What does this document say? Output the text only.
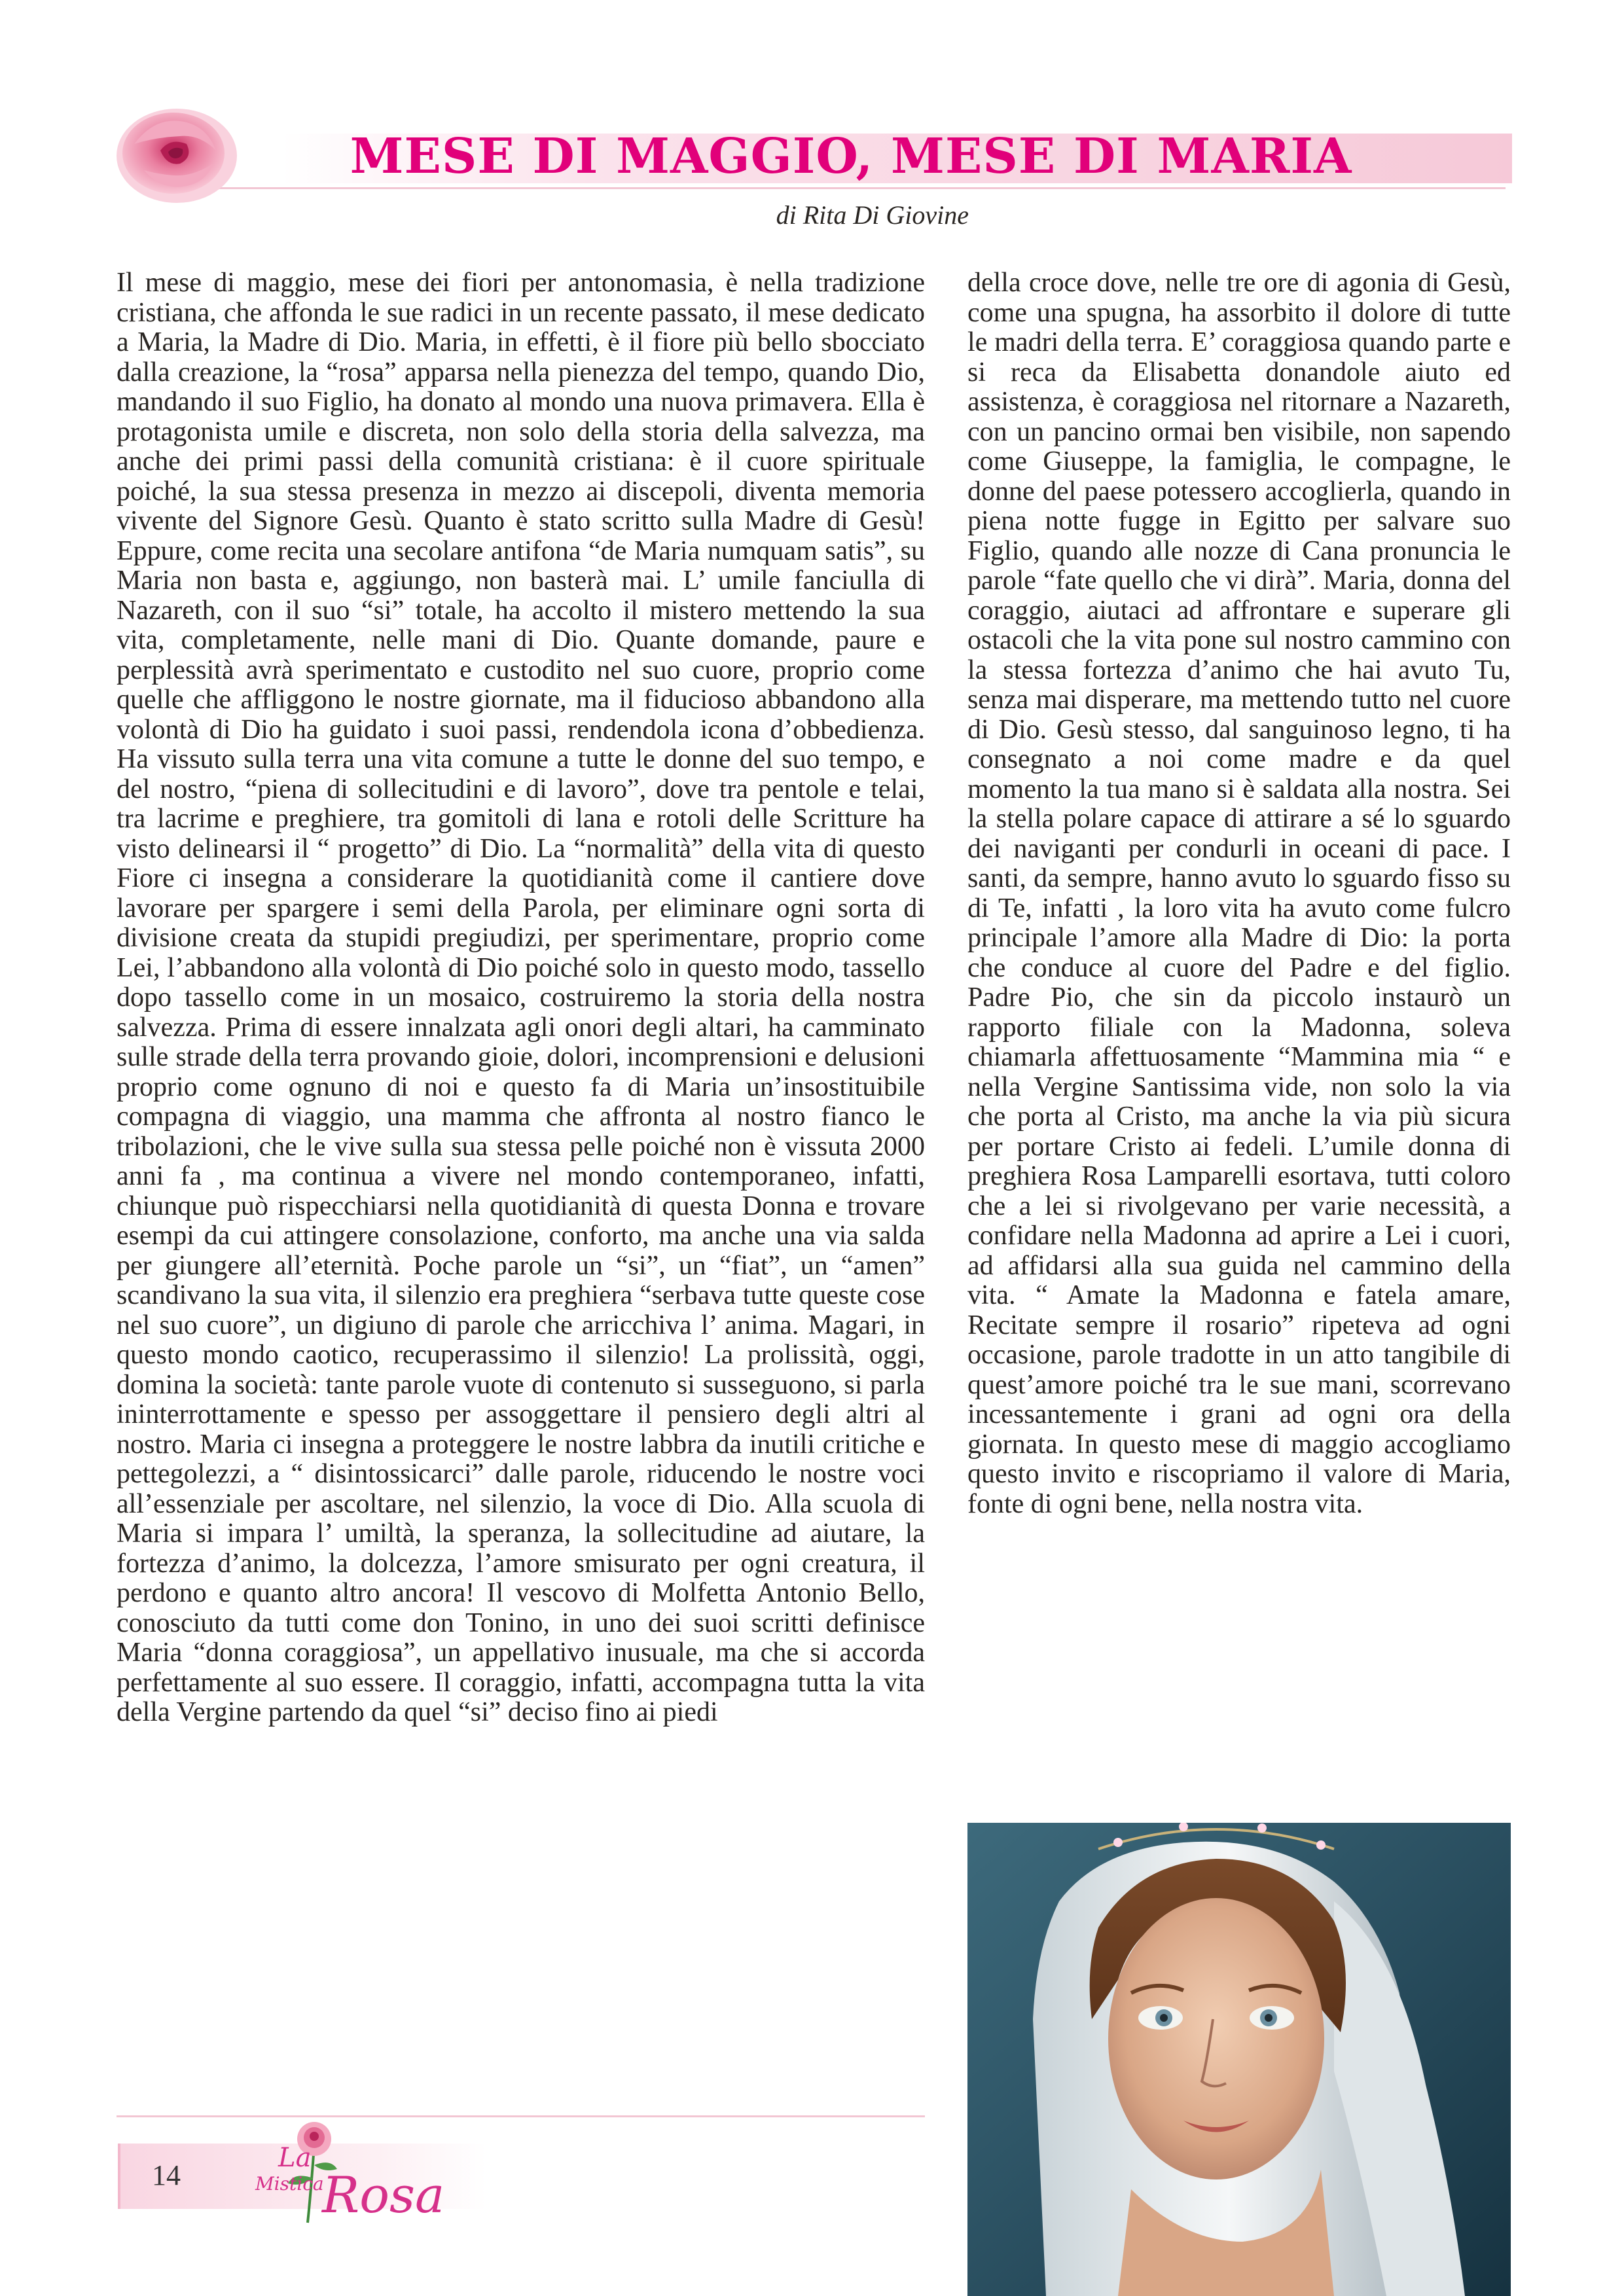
MESE DI MAGGIO, MESE DI MARIA
di Rita Di Giovine

Il mese di maggio, mese dei fiori per antonomasia, è nella tradizione cristiana, che affonda le sue radici in un recente passato, il mese dedicato a Maria, la Madre di Dio. Maria, in effetti, è il fiore più bello sbocciato dalla creazione, la “rosa” apparsa nella pienezza del tempo, quando Dio, mandando il suo Figlio, ha donato al mondo una nuova primavera. Ella è protagonista umile e discreta, non solo della storia della salvezza, ma anche dei primi passi della comunità cristiana: è il cuore spirituale poiché, la sua stessa presenza in mezzo ai discepoli, diventa memoria vivente del Signore Gesù. Quanto è stato scritto sulla Madre di Gesù! Eppure, come recita una secolare antifona “de Maria numquam satis”, su Maria non basta e, aggiungo, non basterà mai. L’ umile fanciulla di Nazareth, con il suo “si” totale, ha accolto il mistero mettendo la sua vita, completamente, nelle mani di Dio. Quante domande, paure e perplessità avrà sperimentato e custodito nel suo cuore, proprio come quelle che affliggono le nostre giornate, ma il fiducioso abbandono alla volontà di Dio ha guidato i suoi passi, rendendola icona d’obbedienza. Ha vissuto sulla terra una vita comune a tutte le donne del suo tempo, e del nostro, “piena di sollecitudini e di lavoro”, dove tra pentole e telai, tra lacrime e preghiere, tra gomitoli di lana e rotoli delle Scritture ha visto delinearsi il “ progetto” di Dio. La “normalità” della vita di questo Fiore ci insegna a considerare la quotidianità come il cantiere dove lavorare per spargere i semi della Parola, per eliminare ogni sorta di divisione creata da stupidi pregiudizi, per sperimentare, proprio come Lei, l’abbandono alla volontà di Dio poiché solo in questo modo, tassello dopo tassello come in un mosaico, costruiremo la storia della nostra salvezza. Prima di essere innalzata agli onori degli altari, ha camminato sulle strade della terra provando gioie, dolori, incomprensioni e delusioni proprio come ognuno di noi e questo fa di Maria un’insostituibile compagna di viaggio, una mamma che affronta al nostro fianco le tribolazioni, che le vive sulla sua stessa pelle poiché non è vissuta 2000 anni fa , ma continua a vivere nel mondo contemporaneo, infatti, chiunque può rispecchiarsi nella quotidianità di questa Donna e trovare esempi da cui attingere consolazione, conforto, ma anche una via salda per giungere all’eternità. Poche parole un “si”, un “fiat”, un “amen” scandivano la sua vita, il silenzio era preghiera “serbava tutte queste cose nel suo cuore”, un digiuno di parole che arricchiva l’ anima. Magari, in questo mondo caotico, recuperassimo il silenzio! La prolissità, oggi, domina la società: tante parole vuote di contenuto si susseguono, si parla ininterrottamente e spesso per assoggettare il pensiero degli altri al nostro. Maria ci insegna a proteggere le nostre labbra da inutili critiche e pettegolezzi, a “ disintossicarci” dalle parole, riducendo le nostre voci all’essenziale per ascoltare, nel silenzio, la voce di Dio. Alla scuola di Maria si impara l’ umiltà, la speranza, la sollecitudine ad aiutare, la fortezza d’animo, la dolcezza, l’amore smisurato per ogni creatura, il perdono e quanto altro ancora! Il vescovo di Molfetta Antonio Bello, conosciuto da tutti come don Tonino, in uno dei suoi scritti definisce Maria “donna coraggiosa”, un appellativo inusuale, ma che si accorda perfettamente al suo essere. Il coraggio, infatti, accompagna tutta la vita della Vergine partendo da quel “si” deciso fino ai piedi

della croce dove, nelle tre ore di agonia di Gesù, come una spugna, ha assorbito il dolore di tutte le madri della terra. E’ coraggiosa quando parte e si reca da Elisabetta donandole aiuto ed assistenza, è coraggiosa nel ritornare a Nazareth, con un pancino ormai ben visibile, non sapendo come Giuseppe, la famiglia, le compagne, le donne del paese potessero accoglierla, quando in piena notte fugge in Egitto per salvare suo Figlio, quando alle nozze di Cana pronuncia le parole “fate quello che vi dirà”. Maria, donna del coraggio, aiutaci ad affrontare e superare gli ostacoli che la vita pone sul nostro cammino con la stessa fortezza d’animo che hai avuto Tu, senza mai disperare, ma mettendo tutto nel cuore di Dio. Gesù stesso, dal sanguinoso legno, ti ha consegnato a noi come madre e da quel momento la tua mano si è saldata alla nostra. Sei la stella polare capace di attirare a sé lo sguardo dei naviganti per condurli in oceani di pace. I santi, da sempre, hanno avuto lo sguardo fisso su di Te, infatti , la loro vita ha avuto come fulcro principale l’amore alla Madre di Dio: la porta che conduce al cuore del Padre e del figlio. Padre Pio, che sin da piccolo instaurò un rapporto filiale con la Madonna, soleva chiamarla affettuosamente “Mammina mia “ e nella Vergine Santissima vide, non solo la via che porta al Cristo, ma anche la via più sicura per portare Cristo ai fedeli. L’umile donna di preghiera Rosa Lamparelli esortava, tutti coloro che a lei si rivolgevano per varie necessità, a confidare nella Madonna ad aprire a Lei i cuori, ad affidarsi alla sua guida nel cammino della vita. “ Amate la Madonna e fatela amare, Recitate sempre il rosario” ripeteva ad ogni occasione, parole tradotte in un atto tangibile di quest’amore poiché tra le sue mani, scorrevano incessantemente i grani ad ogni ora della giornata. In questo mese di maggio accogliamo questo invito e riscopriamo il valore di Maria, fonte di ogni bene, nella nostra vita.

14
La
Mistica
Rosa
